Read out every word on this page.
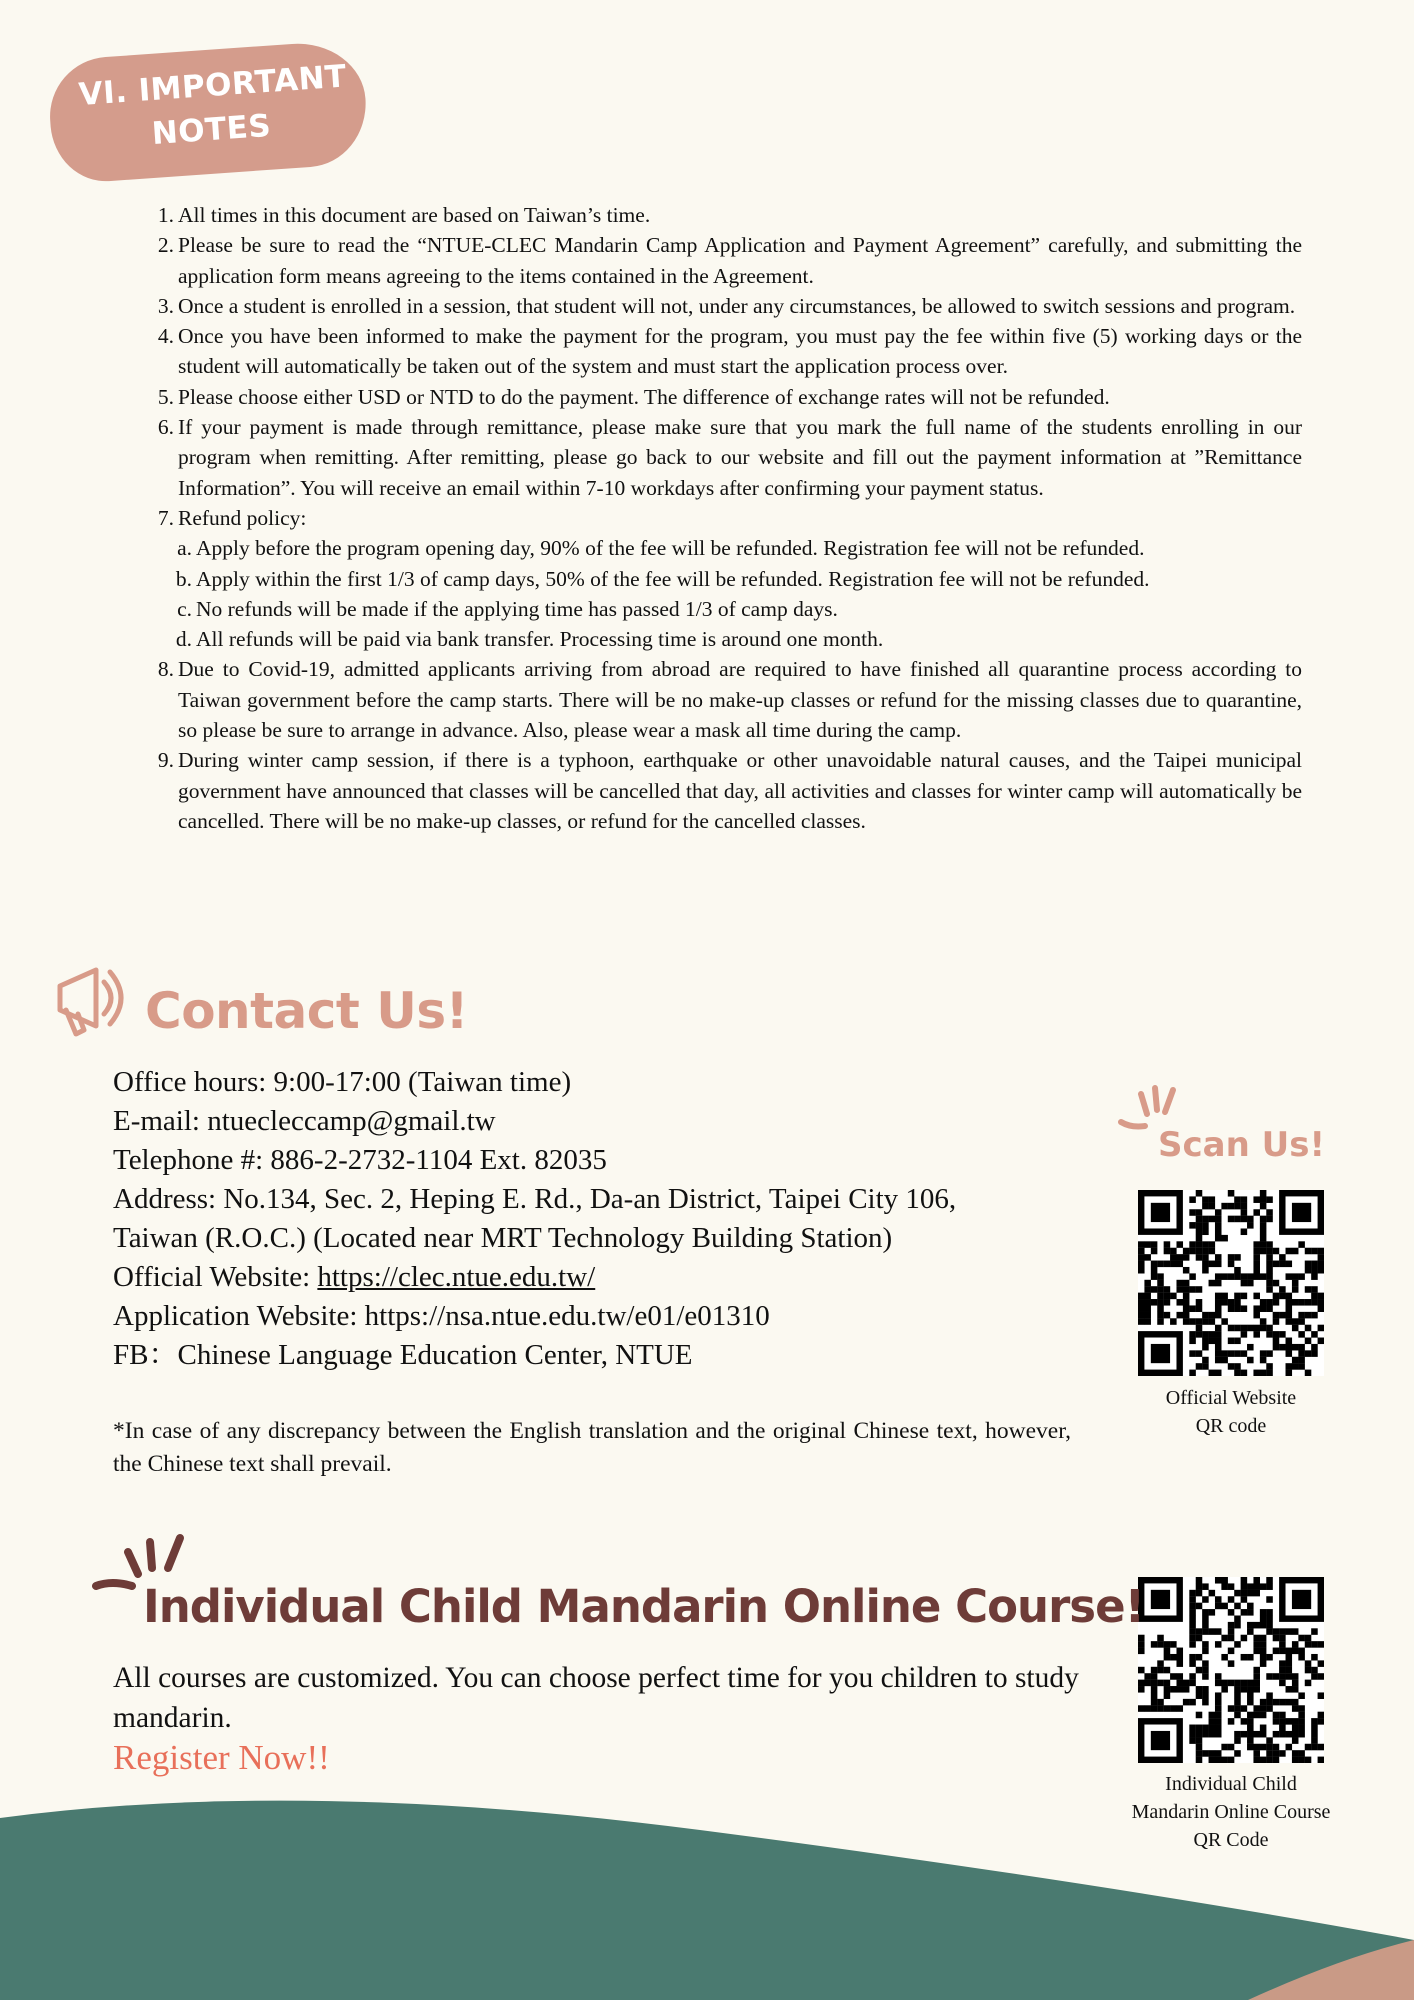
VI. IMPORTANT
NOTES
1. All times in this document are based on Taiwan’s time.
2. Please be sure to read the “NTUE-CLEC Mandarin Camp Application and Payment Agreement” carefully, and submitting the application form means agreeing to the items contained in the Agreement.
3. Once a student is enrolled in a session, that student will not, under any circumstances, be allowed to switch sessions and program.
4. Once you have been informed to make the payment for the program, you must pay the fee within five (5) working days or the student will automatically be taken out of the system and must start the application process over.
5. Please choose either USD or NTD to do the payment. The difference of exchange rates will not be refunded.
6. If your payment is made through remittance, please make sure that you mark the full name of the students enrolling in our program when remitting. After remitting, please go back to our website and fill out the payment information at ”Remittance Information”. You will receive an email within 7-10 workdays after confirming your payment status.
7. Refund policy:
a. Apply before the program opening day, 90% of the fee will be refunded. Registration fee will not be refunded.
b. Apply within the first 1/3 of camp days, 50% of the fee will be refunded. Registration fee will not be refunded.
c. No refunds will be made if the applying time has passed 1/3 of camp days.
d. All refunds will be paid via bank transfer. Processing time is around one month.
8. Due to Covid-19, admitted applicants arriving from abroad are required to have finished all quarantine process according to Taiwan government before the camp starts. There will be no make-up classes or refund for the missing classes due to quarantine, so please be sure to arrange in advance. Also, please wear a mask all time during the camp.
9. During winter camp session, if there is a typhoon, earthquake or other unavoidable natural causes, and the Taipei municipal government have announced that classes will be cancelled that day, all activities and classes for winter camp will automatically be cancelled. There will be no make-up classes, or refund for the cancelled classes.
Contact Us!
Office hours: 9:00-17:00 (Taiwan time)
E-mail: ntuecleccamp@gmail.tw
Telephone #: 886-2-2732-1104 Ext. 82035
Address: No.134, Sec. 2, Heping E. Rd., Da-an District, Taipei City 106,
Taiwan (R.O.C.) (Located near MRT Technology Building Station)
Official Website: https://clec.ntue.edu.tw/
Application Website: https://nsa.ntue.edu.tw/e01/e01310
FB：Chinese Language Education Center, NTUE
*In case of any discrepancy between the English translation and the original Chinese text, however, the Chinese text shall prevail.
Scan Us!
Official Website
QR code
Individual Child
Mandarin Online Course
QR Code
Individual Child Mandarin Online Course!
All courses are customized. You can choose perfect time for you children to study mandarin.
Register Now!!
